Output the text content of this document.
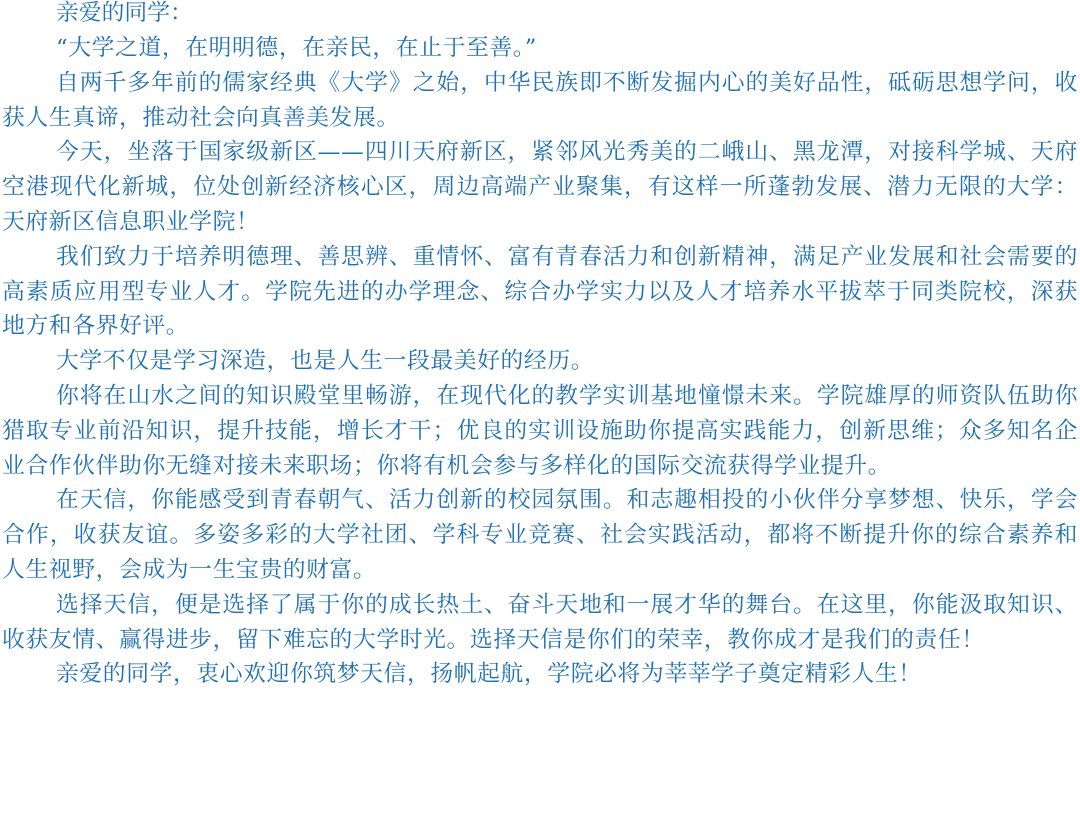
亲爱的同学：

“大学之道，在明明德，在亲民，在止于至善。”

自两千多年前的儒家经典《大学》之始，中华民族即不断发掘内心的美好品性，砥砺思想学问，收获人生真谛，推动社会向真善美发展。

今天，坐落于国家级新区——四川天府新区，紧邻风光秀美的二峨山、黑龙潭，对接科学城、天府空港现代化新城，位处创新经济核心区，周边高端产业聚集，有这样一所蓬勃发展、潜力无限的大学：天府新区信息职业学院！

我们致力于培养明德理、善思辨、重情怀、富有青春活力和创新精神，满足产业发展和社会需要的高素质应用型专业人才。学院先进的办学理念、综合办学实力以及人才培养水平拔萃于同类院校，深获地方和各界好评。

大学不仅是学习深造，也是人生一段最美好的经历。

你将在山水之间的知识殿堂里畅游，在现代化的教学实训基地憧憬未来。学院雄厚的师资队伍助你猎取专业前沿知识，提升技能，增长才干；优良的实训设施助你提高实践能力，创新思维；众多知名企业合作伙伴助你无缝对接未来职场；你将有机会参与多样化的国际交流获得学业提升。

在天信，你能感受到青春朝气、活力创新的校园氛围。和志趣相投的小伙伴分享梦想、快乐，学会合作，收获友谊。多姿多彩的大学社团、学科专业竞赛、社会实践活动，都将不断提升你的综合素养和人生视野，会成为一生宝贵的财富。

选择天信，便是选择了属于你的成长热土、奋斗天地和一展才华的舞台。在这里，你能汲取知识、收获友情、赢得进步，留下难忘的大学时光。选择天信是你们的荣幸，教你成才是我们的责任！

亲爱的同学，衷心欢迎你筑梦天信，扬帆起航，学院必将为莘莘学子奠定精彩人生！
